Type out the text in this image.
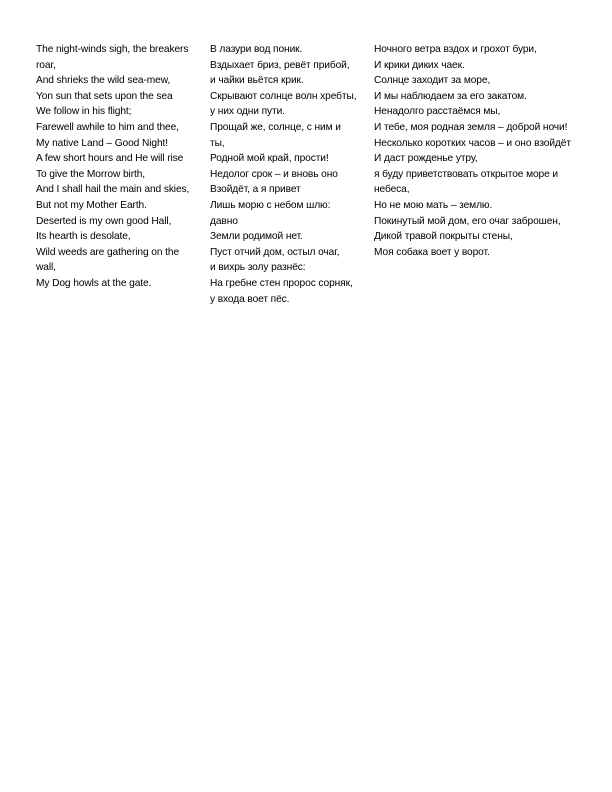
The night-winds sigh, the breakers roar,
And shrieks the wild sea-mew,
Yon sun that sets upon the sea
We follow in his flight;
Farewell awhile to him and thee,
My native Land – Good Night!
A few short hours and He will rise
To give the Morrow birth,
And I shall hail the main and skies,
But not my Mother Earth.
Deserted is my own good Hall,
Its hearth is desolate,
Wild weeds are gathering on the wall,
My Dog howls at the gate.
В лазури вод поник.
Вздыхает бриз, ревёт прибой,
и чайки вьётся крик.
Скрывают солнце волн хребты,
у них одни пути.
Прощай же, солнце, с ним и ты,
Родной мой край, прости!
Недолог срок – и вновь оно
Взойдёт, а я привет
Лишь морю с небом шлю: давно
Земли родимой нет.
Пуст отчий дом, остыл очаг,
и вихрь золу разнёс:
На гребне стен пророс сорняк,
у входа воет пёс.
Ночного ветра вздох и грохот бури,
И крики диких чаек.
Солнце заходит за море,
И мы наблюдаем за его закатом.
Ненадолго расстаёмся мы,
И тебе, моя родная земля – доброй ночи!
Несколько коротких часов – и оно взойдёт
И даст рожденье утру,
я буду приветствовать открытое море и небеса,
Но не мою мать – землю.
Покинутый мой дом, его очаг заброшен,
Дикой травой покрыты стены,
Моя собака воет у ворот.
